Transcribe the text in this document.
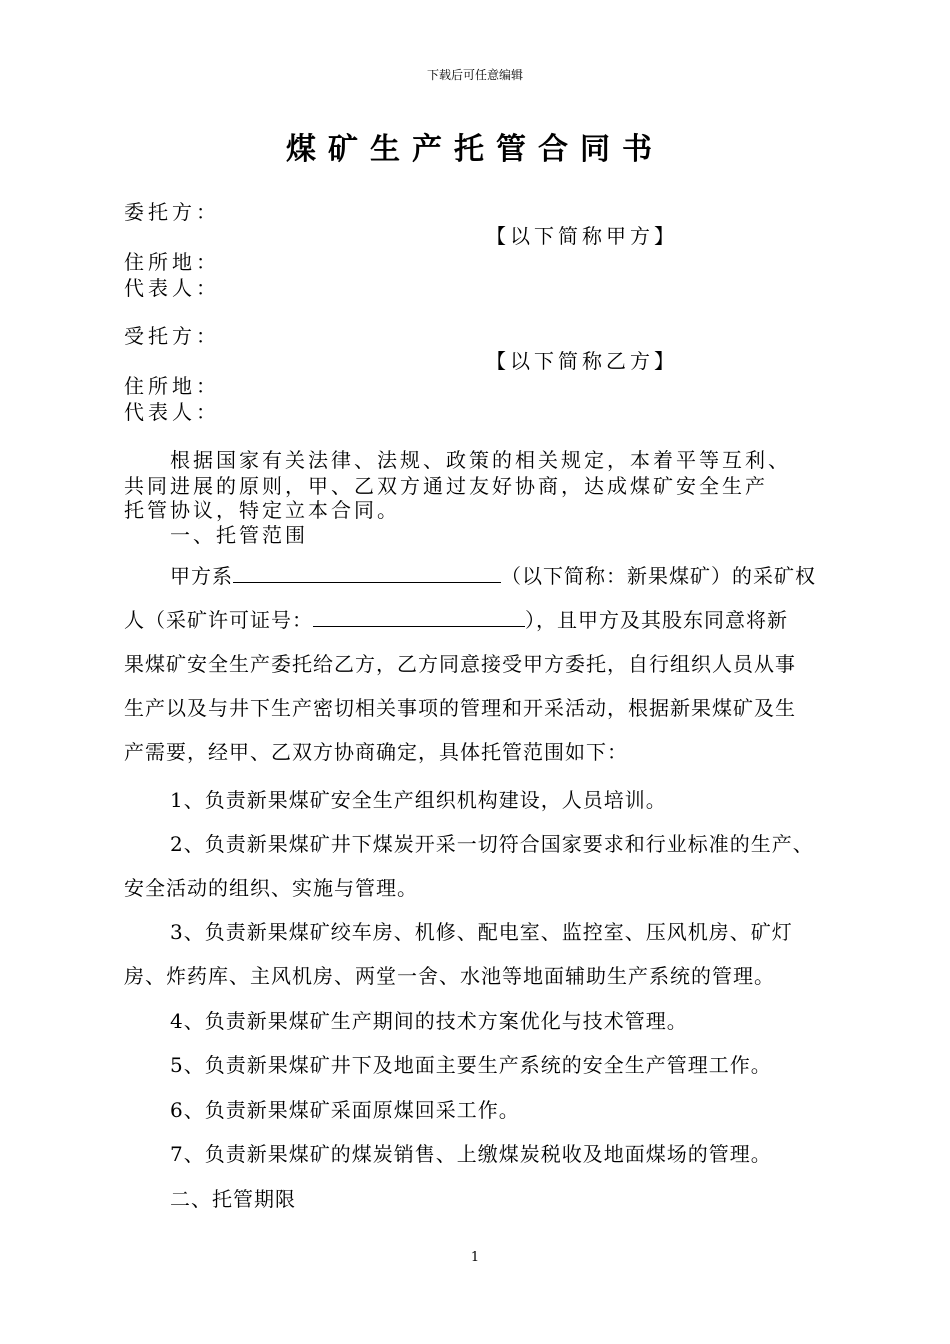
下载后可任意编辑
煤矿生产托管合同书
委托方：
【以下简称甲方】
住所地：
代表人：
受托方：
【以下简称乙方】
住所地：
代表人：
根据国家有关法律、法规、政策的相关规定，本着平等互利、
共同进展的原则，甲、乙双方通过友好协商，达成煤矿安全生产
托管协议，特定立本合同。
一、托管范围
甲方系	（以下简称：新果煤矿）的采矿权
人（采矿许可证号：	），且甲方及其股东同意将新
果煤矿安全生产委托给乙方，乙方同意接受甲方委托，自行组织人员从事
生产以及与井下生产密切相关事项的管理和开采活动，根据新果煤矿及生
产需要，经甲、乙双方协商确定，具体托管范围如下：
1、负责新果煤矿安全生产组织机构建设，人员培训。
2、负责新果煤矿井下煤炭开采一切符合国家要求和行业标准的生产、
安全活动的组织、实施与管理。
3、负责新果煤矿绞车房、机修、配电室、监控室、压风机房、矿灯
房、炸药库、主风机房、两堂一舍、水池等地面辅助生产系统的管理。
4、负责新果煤矿生产期间的技术方案优化与技术管理。
5、负责新果煤矿井下及地面主要生产系统的安全生产管理工作。
6、负责新果煤矿采面原煤回采工作。
7、负责新果煤矿的煤炭销售、上缴煤炭税收及地面煤场的管理。
二、托管期限
1
